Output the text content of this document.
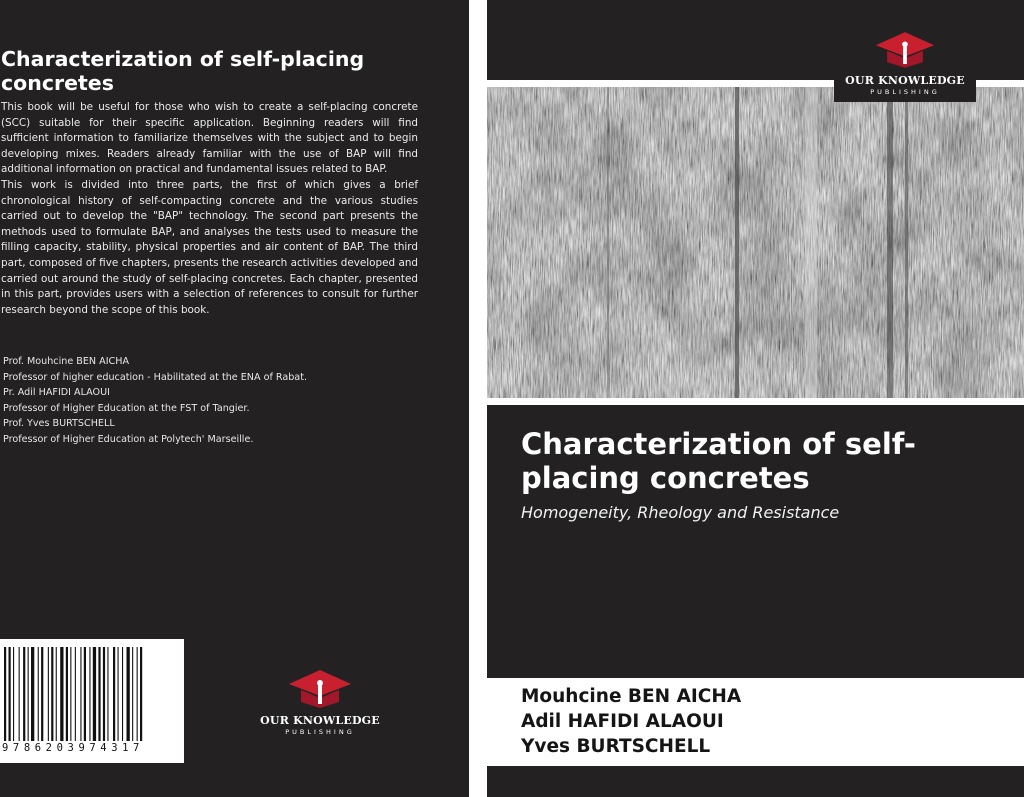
Characterization of self-placing concretes

This book will be useful for those who wish to create a self-placing concrete (SCC) suitable for their specific application. Beginning readers will find sufficient information to familiarize themselves with the subject and to begin developing mixes. Readers already familiar with the use of BAP will find additional information on practical and fundamental issues related to BAP.

This work is divided into three parts, the first of which gives a brief chronological history of self-compacting concrete and the various studies carried out to develop the "BAP" technology. The second part presents the methods used to formulate BAP, and analyses the tests used to measure the filling capacity, stability, physical properties and air content of BAP. The third part, composed of five chapters, presents the research activities developed and carried out around the study of self-placing concretes. Each chapter, presented in this part, provides users with a selection of references to consult for further research beyond the scope of this book.

Prof. Mouhcine BEN AICHA
Professor of higher education - Habilitated at the ENA of Rabat.
Pr. Adil HAFIDI ALAOUI
Professor of Higher Education at the FST of Tangier.
Prof. Yves BURTSCHELL
Professor of Higher Education at Polytech' Marseille.
9786203974317
OUR KNOWLEDGE
PUBLISHING
OUR KNOWLEDGE
PUBLISHING
Characterization of self-placing concretes
Homogeneity, Rheology and Resistance
Mouhcine BEN AICHA
Adil HAFIDI ALAOUI
Yves BURTSCHELL
